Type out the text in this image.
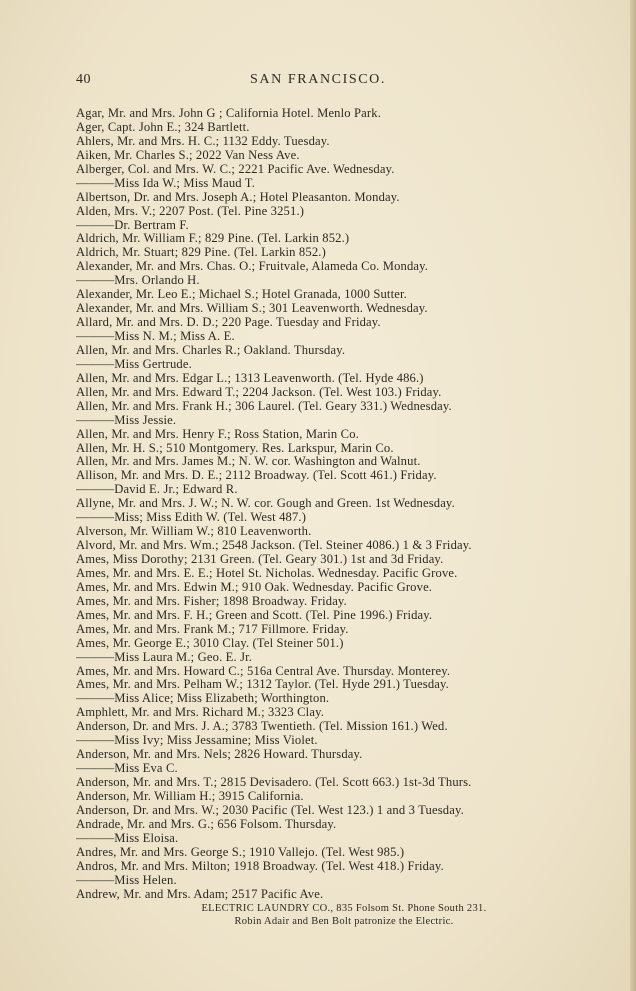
40	SAN FRANCISCO.
Agar, Mr. and Mrs. John G ; California Hotel. Menlo Park.
Ager, Capt. John E.; 324 Bartlett.
Ahlers, Mr. and Mrs. H. C.; 1132 Eddy. Tuesday.
Aiken, Mr. Charles S.; 2022 Van Ness Ave.
Alberger, Col. and Mrs. W. C.; 2221 Pacific Ave. Wednesday.
———Miss Ida W.; Miss Maud T.
Albertson, Dr. and Mrs. Joseph A.; Hotel Pleasanton. Monday.
Alden, Mrs. V.; 2207 Post. (Tel. Pine 3251.)
———Dr. Bertram F.
Aldrich, Mr. William F.; 829 Pine. (Tel. Larkin 852.)
Aldrich, Mr. Stuart; 829 Pine. (Tel. Larkin 852.)
Alexander, Mr. and Mrs. Chas. O.; Fruitvale, Alameda Co. Monday.
———Mrs. Orlando H.
Alexander, Mr. Leo E.; Michael S.; Hotel Granada, 1000 Sutter.
Alexander, Mr. and Mrs. William S.; 301 Leavenworth. Wednesday.
Allard, Mr. and Mrs. D. D.; 220 Page. Tuesday and Friday.
———Miss N. M.; Miss A. E.
Allen, Mr. and Mrs. Charles R.; Oakland. Thursday.
———Miss Gertrude.
Allen, Mr. and Mrs. Edgar L.; 1313 Leavenworth. (Tel. Hyde 486.)
Allen, Mr. and Mrs. Edward T.; 2204 Jackson. (Tel. West 103.) Friday.
Allen, Mr. and Mrs. Frank H.; 306 Laurel. (Tel. Geary 331.) Wednesday.
———Miss Jessie.
Allen, Mr. and Mrs. Henry F.; Ross Station, Marin Co.
Allen, Mr. H. S.; 510 Montgomery. Res. Larkspur, Marin Co.
Allen, Mr. and Mrs. James M.; N. W. cor. Washington and Walnut.
Allison, Mr. and Mrs. D. E.; 2112 Broadway. (Tel. Scott 461.) Friday.
———David E. Jr.; Edward R.
Allyne, Mr. and Mrs. J. W.; N. W. cor. Gough and Green. 1st Wednesday.
———Miss; Miss Edith W. (Tel. West 487.)
Alverson, Mr. William W.; 810 Leavenworth.
Alvord, Mr. and Mrs. Wm.; 2548 Jackson. (Tel. Steiner 4086.) 1 & 3 Friday.
Ames, Miss Dorothy; 2131 Green. (Tel. Geary 301.) 1st and 3d Friday.
Ames, Mr. and Mrs. E. E.; Hotel St. Nicholas. Wednesday. Pacific Grove.
Ames, Mr. and Mrs. Edwin M.; 910 Oak. Wednesday. Pacific Grove.
Ames, Mr. and Mrs. Fisher; 1898 Broadway. Friday.
Ames, Mr. and Mrs. F. H.; Green and Scott. (Tel. Pine 1996.) Friday.
Ames, Mr. and Mrs. Frank M.; 717 Fillmore. Friday.
Ames, Mr. George E.; 3010 Clay. (Tel Steiner 501.)
———Miss Laura M.; Geo. E. Jr.
Ames, Mr. and Mrs. Howard C.; 516a Central Ave. Thursday. Monterey.
Ames, Mr. and Mrs. Pelham W.; 1312 Taylor. (Tel. Hyde 291.) Tuesday.
———Miss Alice; Miss Elizabeth; Worthington.
Amphlett, Mr. and Mrs. Richard M.; 3323 Clay.
Anderson, Dr. and Mrs. J. A.; 3783 Twentieth. (Tel. Mission 161.) Wed.
———Miss Ivy; Miss Jessamine; Miss Violet.
Anderson, Mr. and Mrs. Nels; 2826 Howard. Thursday.
———Miss Eva C.
Anderson, Mr. and Mrs. T.; 2815 Devisadero. (Tel. Scott 663.) 1st-3d Thurs.
Anderson, Mr. William H.; 3915 California.
Anderson, Dr. and Mrs. W.; 2030 Pacific (Tel. West 123.) 1 and 3 Tuesday.
Andrade, Mr. and Mrs. G.; 656 Folsom. Thursday.
———Miss Eloisa.
Andres, Mr. and Mrs. George S.; 1910 Vallejo. (Tel. West 985.)
Andros, Mr. and Mrs. Milton; 1918 Broadway. (Tel. West 418.) Friday.
———Miss Helen.
Andrew, Mr. and Mrs. Adam; 2517 Pacific Ave.
ELECTRIC LAUNDRY CO., 835 Folsom St. Phone South 231.
Robin Adair and Ben Bolt patronize the Electric.
